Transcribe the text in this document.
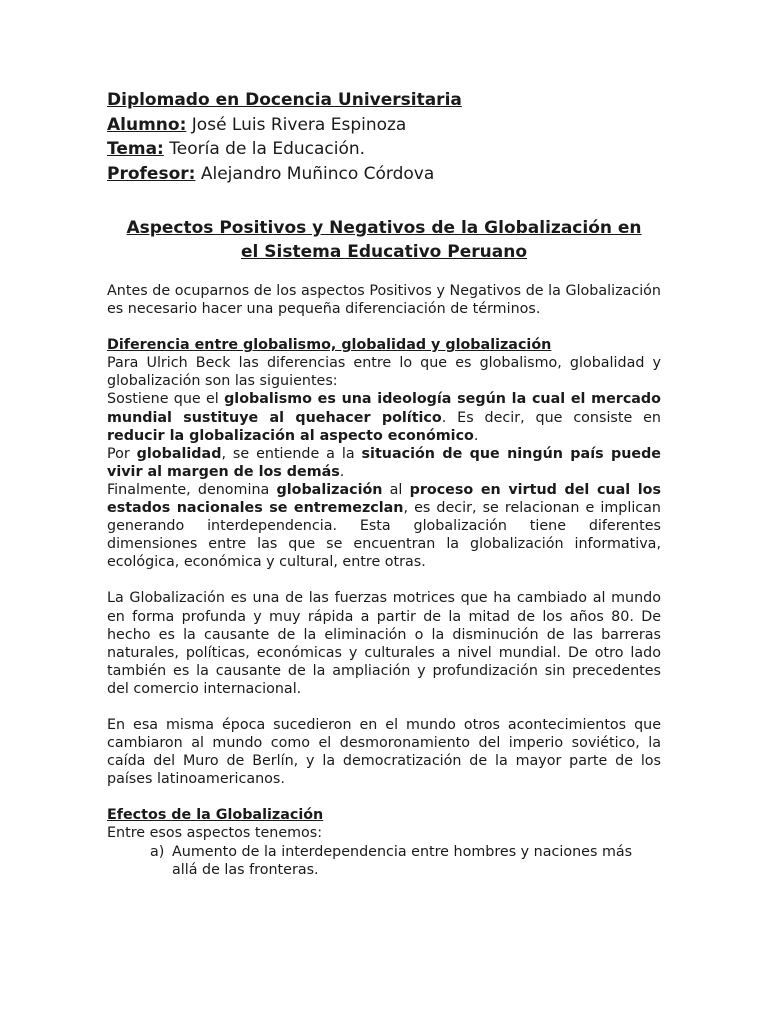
Diplomado en Docencia Universitaria
Alumno: José Luis Rivera Espinoza
Tema: Teoría de la Educación.
Profesor: Alejandro Muñinco Córdova
Aspectos Positivos y Negativos de la Globalización en
el Sistema Educativo Peruano

Antes de ocuparnos de los aspectos Positivos y Negativos de la Globalización es necesario hacer una pequeña diferenciación de términos.

Diferencia entre globalismo, globalidad y globalización

Para Ulrich Beck las diferencias entre lo que es globalismo, globalidad y globalización son las siguientes:

Sostiene que el globalismo es una ideología según la cual el mercado mundial sustituye al quehacer político. Es decir, que consiste en reducir la globalización al aspecto económico.

Por globalidad, se entiende a la situación de que ningún país puede vivir al margen de los demás.

Finalmente, denomina globalización al proceso en virtud del cual los estados nacionales se entremezclan, es decir, se relacionan e implican generando interdependencia. Esta globalización tiene diferentes dimensiones entre las que se encuentran la globalización informativa, ecológica, económica y cultural, entre otras.

La Globalización es una de las fuerzas motrices que ha cambiado al mundo en forma profunda y muy rápida a partir de la mitad de los años 80. De hecho es la causante de la eliminación o la disminución de las barreras naturales, políticas, económicas y culturales a nivel mundial. De otro lado también es la causante de la ampliación y profundización sin precedentes del comercio internacional.

En esa misma época sucedieron en el mundo otros acontecimientos que cambiaron al mundo como el desmoronamiento del imperio soviético, la caída del Muro de Berlín, y la democratización de la mayor parte de los países latinoamericanos.

Efectos de la Globalización

Entre esos aspectos tenemos:

a) Aumento de la interdependencia entre hombres y naciones más allá de las fronteras.
